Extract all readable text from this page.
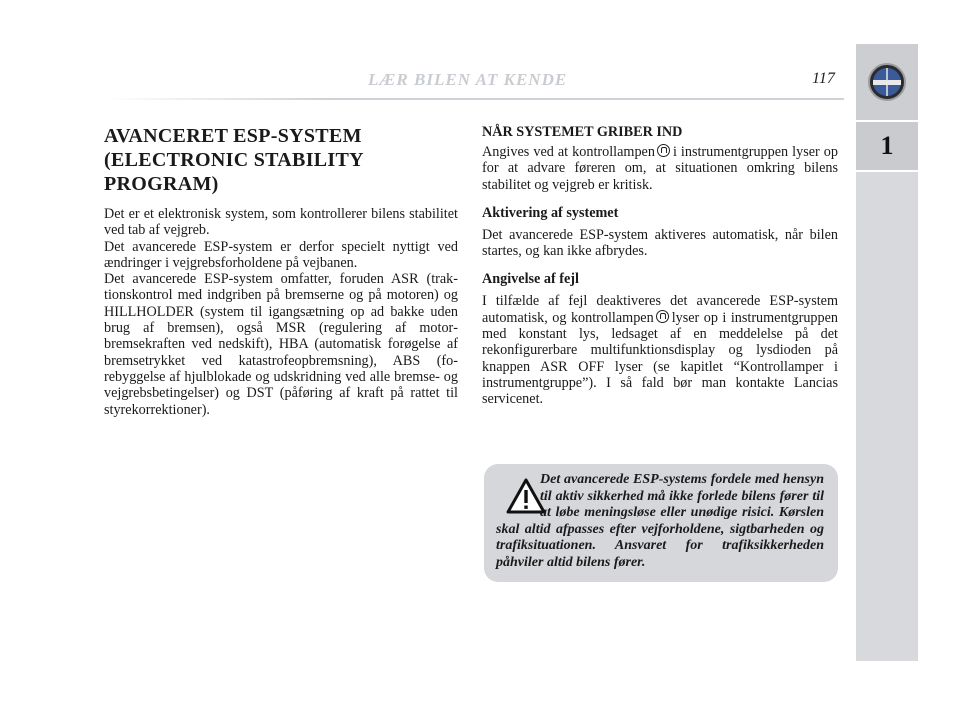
1
LÆR BILEN AT KENDE	117
AVANCERET ESP-SYSTEM
(ELECTRONIC STABILITY
PROGRAM)

Det er et elektronisk system, som kontrollerer bilens stabilitet ved tab af vejgreb.

Det avancerede ESP-system er derfor specielt nyttigt ved ændringer i vejgrebsforholdene på vejbanen.

Det avancerede ESP-system omfatter, foruden ASR (traktionskontrol med indgriben på bremserne og på motoren) og HILLHOLDER (system til igangsætning op ad bakke uden brug af bremsen), også MSR (regulering af motorbremsekraften ved nedskift), HBA (automatisk forøgelse af bremsetrykket ved katastrofeopbremsning), ABS (forebyggelse af hjulblokade og udskridning ved alle bremse- og vejgrebsbetingelser) og DST (påføring af kraft på rattet til styrekorrektioner).

NÅR SYSTEMET GRIBER IND

Angives ved at kontrollampen i instrumentgruppen lyser op for at advare føreren om, at situationen omkring bilens stabilitet og vejgreb er kritisk.

Aktivering af systemet

Det avancerede ESP-system aktiveres automatisk, når bilen startes, og kan ikke afbrydes.

Angivelse af fejl

I tilfælde af fejl deaktiveres det avancerede ESP-system automatisk, og kontrollampen lyser op i instrumentgruppen med konstant lys, ledsaget af en meddelelse på det rekonfigurerbare multifunktionsdisplay og lysdioden på knappen ASR OFF lyser (se kapitlet “Kontrollamper i instrumentgruppe”). I så fald bør man kontakte Lancias servicenet.

Det avancerede ESP-systems fordele med hensyn til aktiv sikkerhed må ikke forlede bilens fører til at løbe meningsløse eller unødige risici. Kørslen skal altid afpasses efter vejforholdene, sigtbarheden og trafiksituationen. Ansvaret for trafiksikkerheden påhviler altid bilens fører.
